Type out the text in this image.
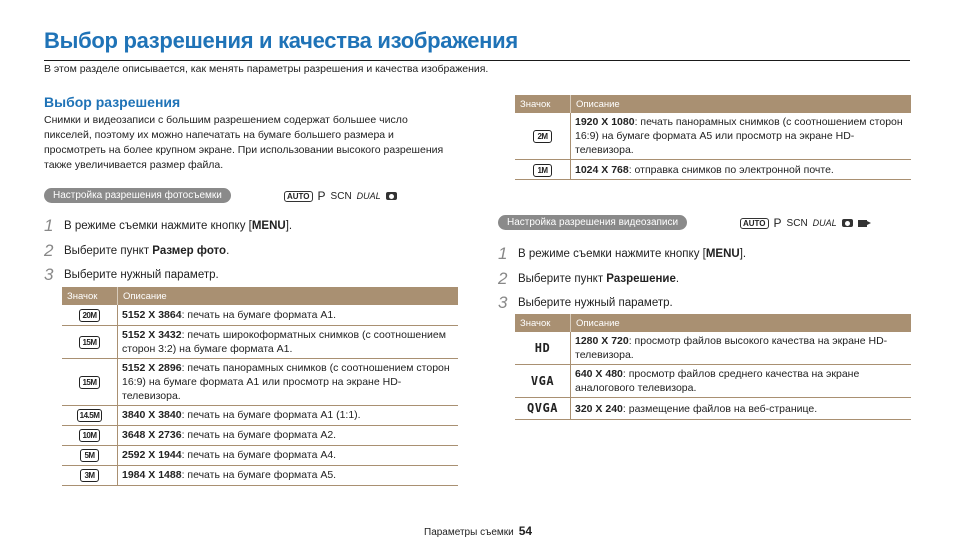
Выбор разрешения и качества изображения
В этом разделе описывается, как менять параметры разрешения и качества изображения.
Выбор разрешения
Снимки и видеозаписи с большим разрешением содержат большее число пикселей, поэтому их можно напечатать на бумаге большего размера и просмотреть на более крупном экране. При использовании высокого разрешения также увеличивается размер файла.
Настройка разрешения фотосъемки	AUTO P SCN DUAL
1 В режиме съемки нажмите кнопку [MENU].
2 Выберите пункт Размер фото.
3 Выберите нужный параметр.
Значок	Описание
20M	5152 X 3864: печать на бумаге формата A1.
15M	5152 X 3432: печать широкоформатных снимков (с соотношением сторон 3:2) на бумаге формата A1.
15M	5152 X 2896: печать панорамных снимков (с соотношением сторон 16:9) на бумаге формата A1 или просмотр на экране HD-телевизора.
14.5M	3840 X 3840: печать на бумаге формата A1 (1:1).
10M	3648 X 2736: печать на бумаге формата A2.
5M	2592 X 1944: печать на бумаге формата A4.
3M	1984 X 1488: печать на бумаге формата A5.
Значок	Описание
2M	1920 X 1080: печать панорамных снимков (с соотношением сторон 16:9) на бумаге формата A5 или просмотр на экране HD-телевизора.
1M	1024 X 768: отправка снимков по электронной почте.
Настройка разрешения видеозаписи	AUTO P SCN DUAL
1 В режиме съемки нажмите кнопку [MENU].
2 Выберите пункт Разрешение.
3 Выберите нужный параметр.
Значок	Описание
HD	1280 X 720: просмотр файлов высокого качества на экране HD-телевизора.
VGA	640 X 480: просмотр файлов среднего качества на экране аналогового телевизора.
QVGA	320 X 240: размещение файлов на веб-странице.
Параметры съемки 54
